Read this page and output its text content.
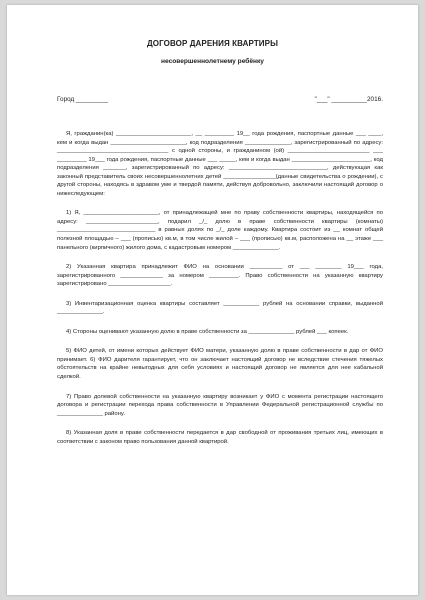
ДОГОВОР ДАРЕНИЯ КВАРТИРЫ
несовершеннолетнему ребёнку
Город _________	"___" __________2016.

Я, гражданин(ка) _______________________, __ _________ 19__ года рождения, паспортные данные ___ ____, кем и когда выдан _______________________, код подразделения ______________, зарегистрированный по адресу: __________________________________ с одной стороны, и гражданином (ой) _________________________ ___ _________ 19___ года рождения, паспортные данные ___ _____, кем и когда выдан ________________________, код подразделения _______, зарегистрированный по адресу: ______________________________, действующая как законный представитель своих несовершеннолетних детей ________________(данные свидетельства о рождении), с другой стороны, находясь в здравом уме и твердой памяти, действуя добровольно, заключили настоящий договор о нижеследующем:

1) Я, _______________________, от принадлежащей мне по праву собственности квартиры, находящейся по адресу: ______________________, подарил _/_ долю в праве собственности квартиры (комнаты) ______________________________ в равных долях по _/_ доле каждому. Квартира состоит из __ комнат общей полезной площадью – ___ (прописью) кв.м, в том числе жилой – ___ (прописью) кв.м, расположена на __ этаже ___ панельного (кирпичного) жилого дома, с кадастровым номером ______________.

2) Указанная квартира принадлежит ФИО на основании __________ от ___ ________ 19___ года, зарегистрированного _____________ за номером _________. Право собственности на указанную квартиру зарегистрировано ___________________.

3) Инвентаризационная оценка квартиры составляет ___________ рублей на основании справки, выданной ______________.

4) Стороны оценивают указанную долю в праве собственности за ______________ рублей ___ копеек.

5) ФИО детей, от имени которых действует ФИО матери, указанную долю в праве собственности в дар от ФИО принимает. 6) ФИО дарителя гарантирует, что он заключает настоящий договор не вследствие стечения тяжелых обстоятельств на крайне невыгодных для себя условиях и настоящий договор не является для нее кабальной сделкой.

7) Право долевой собственности на указанную квартиру возникает у ФИО с момента регистрации настоящего договора и регистрации перехода права собственности в Управлении Федеральной регистрационной службы по ______________ району.

8) Указанная доля в праве собственности передается в дар свободной от проживания третьих лиц, имеющих в соответствии с законом право пользования данной квартирой.
